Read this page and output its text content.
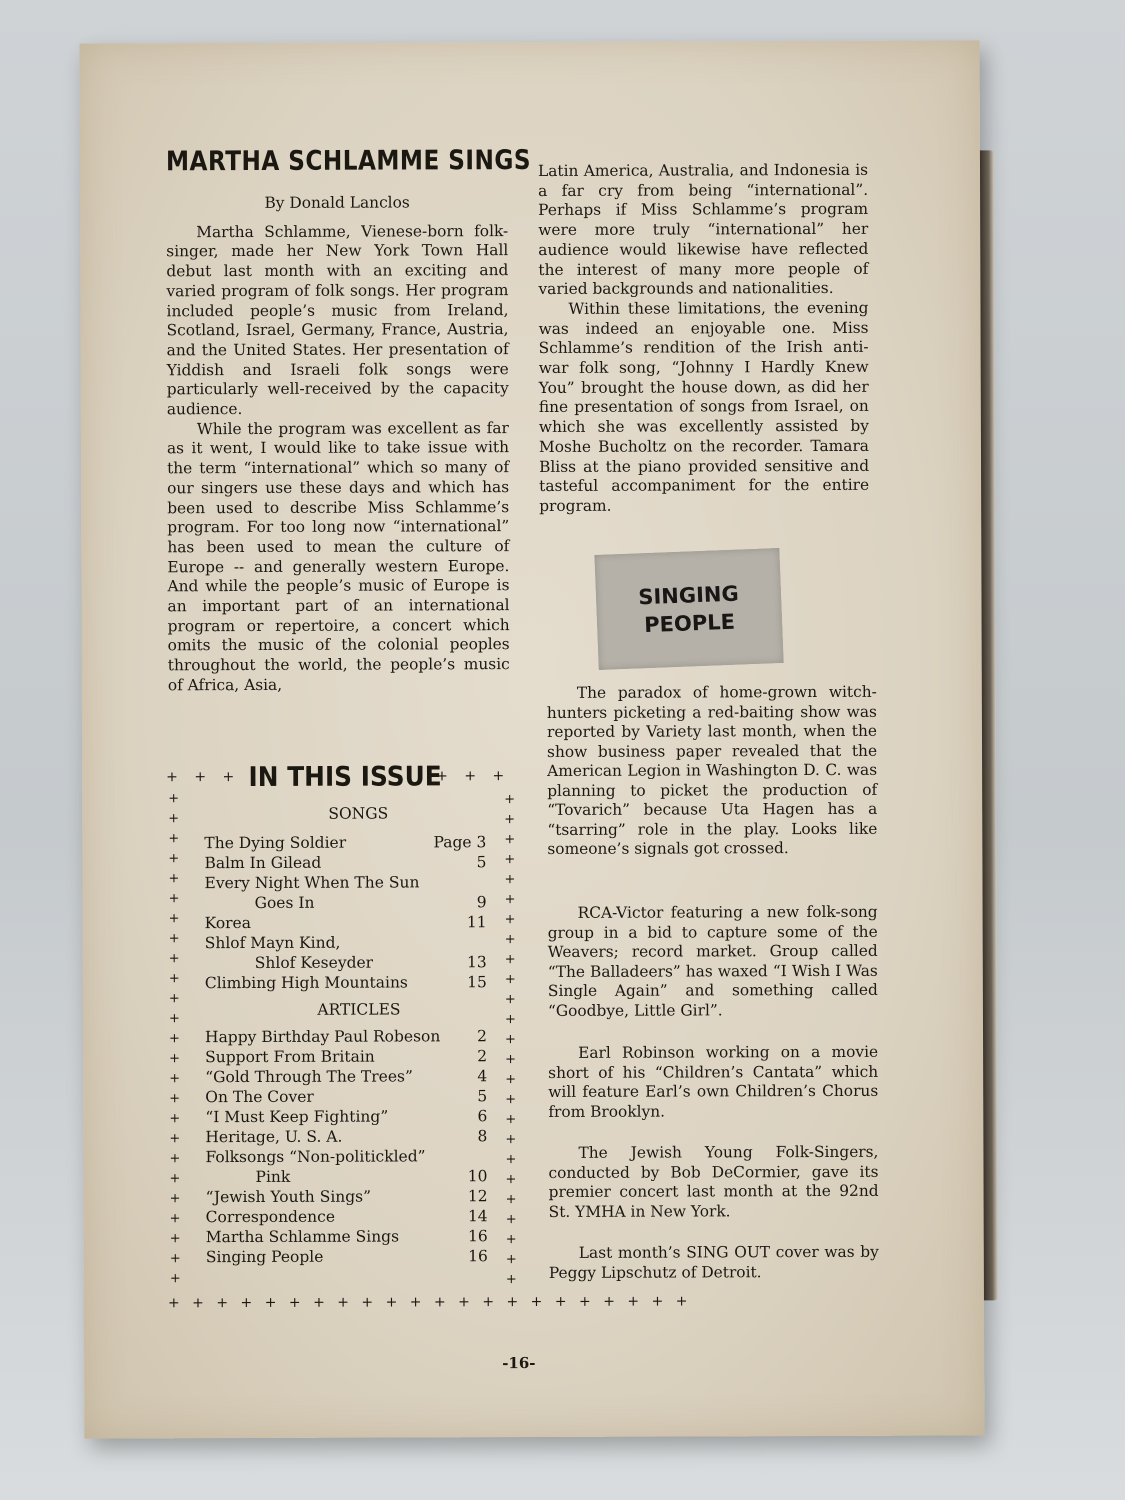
MARTHA SCHLAMME SINGS
By Donald Lanclos

Martha Schlamme, Vienese-born folk-singer, made her New York Town Hall debut last month with an exciting and varied program of folk songs. Her program included people’s music from Ireland, Scotland, Israel, Germany, France, Austria, and the United States. Her presentation of Yiddish and Israeli folk songs were particularly well-received by the capacity audience.

While the program was excellent as far as it went, I would like to take issue with the term “international” which so many of our singers use these days and which has been used to describe Miss Schlamme’s program. For too long now “international” has been used to mean the culture of Europe -- and generally western Europe. And while the people’s music of Europe is an important part of an international program or repertoire, a concert which omits the music of the colonial peoples throughout the world, the people’s music of Africa, Asia,

Latin America, Australia, and Indonesia is a far cry from being “international”. Perhaps if Miss Schlamme’s program were more truly “international” her audience would likewise have reflected the interest of many more people of varied backgrounds and nationalities.

Within these limitations, the evening was indeed an enjoyable one. Miss Schlamme’s rendition of the Irish anti-war folk song, “Johnny I Hardly Knew You” brought the house down, as did her fine presentation of songs from Israel, on which she was excellently assisted by Moshe Bucholtz on the recorder. Tamara Bliss at the piano provided sensitive and tasteful accompaniment for the entire program.

SINGING
PEOPLE

The paradox of home-grown witch-hunters picketing a red-baiting show was reported by Variety last month, when the show business paper revealed that the American Legion in Washington D. C. was planning to picket the production of “Tovarich” because Uta Hagen has a “tsarring” role in the play. Looks like someone’s signals got crossed.

RCA-Victor featuring a new folk-song group in a bid to capture some of the Weavers; record market. Group called “The Balladeers” has waxed “I Wish I Was Single Again” and something called “Goodbye, Little Girl”.

Earl Robinson working on a movie short of his “Children’s Cantata” which will feature Earl’s own Children’s Chorus from Brooklyn.

The Jewish Young Folk-Singers, conducted by Bob DeCormier, gave its premier concert last month at the 92nd St. YMHA in New York.

Last month’s SING OUT cover was by Peggy Lipschutz of Detroit.

+ + +	+ + +
IN THIS ISSUE
+
+
+
+
+
+
+
+
+
+
+
+
+
+
+
+
+
+
+
+
+
+
+
+
+
+
+
+
+
+
+
+
+
+
+
+
+
+
+
+
+
+
+
+
+
+
+
+
+
+
SONGS
The Dying Soldier	Page 3
Balm In Gilead	5
Every Night When The Sun
Goes In	9
Korea	11
Shlof Mayn Kind,
Shlof Keseyder	13
Climbing High Mountains	15
ARTICLES
Happy Birthday Paul Robeson 2
Support From Britain	2
“Gold Through The Trees”	4
On The Cover	5
“I Must Keep Fighting”	6
Heritage, U. S. A.	8
Folksongs “Non-politickled”
Pink	10
“Jewish Youth Sings”	12
Correspondence	14
Martha Schlamme Sings	16
Singing People	16
+ + + + + + + + + + + + + + + + + + + + + +
-16-
